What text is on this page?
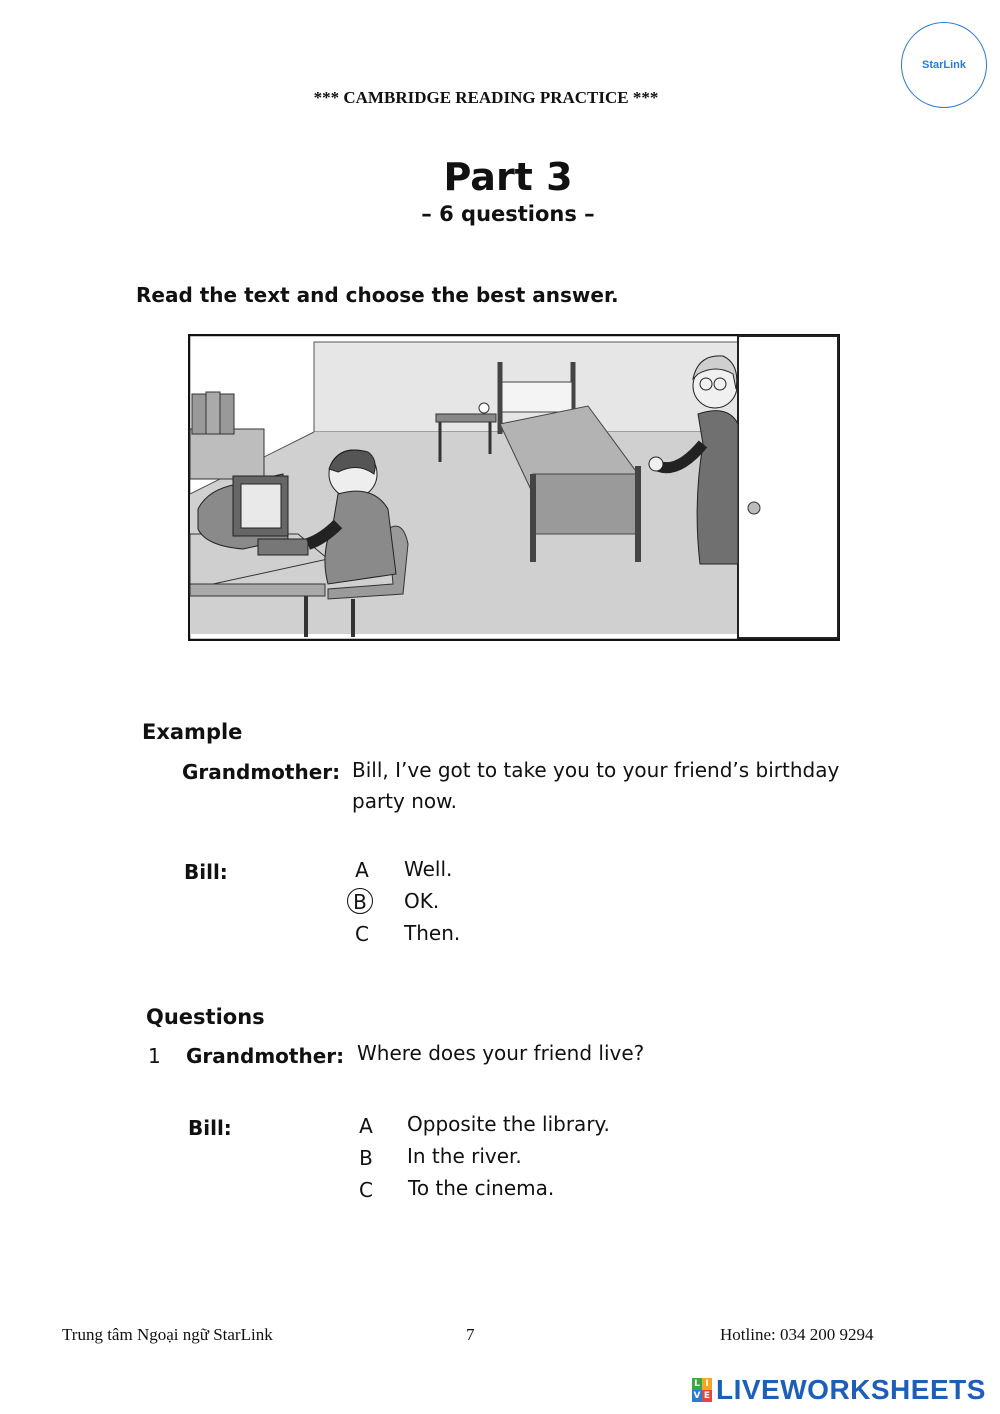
*** CAMBRIDGE READING PRACTICE ***
StarLink
Part 3
– 6 questions –
Read the text and choose the best answer.
Example
Grandmother: Bill, I’ve got to take you to your friend’s birthday
party now.
Bill:	A	Well.
B	OK.
C	Then.
Questions
1 Grandmother: Where does your friend live?
Bill:	A	Opposite the library.
B	In the river.
C	To the cinema.
Trung tâm Ngoại ngữ StarLink	7	Hotline: 034 200 9294
L I
V E LIVEWORKSHEETS
